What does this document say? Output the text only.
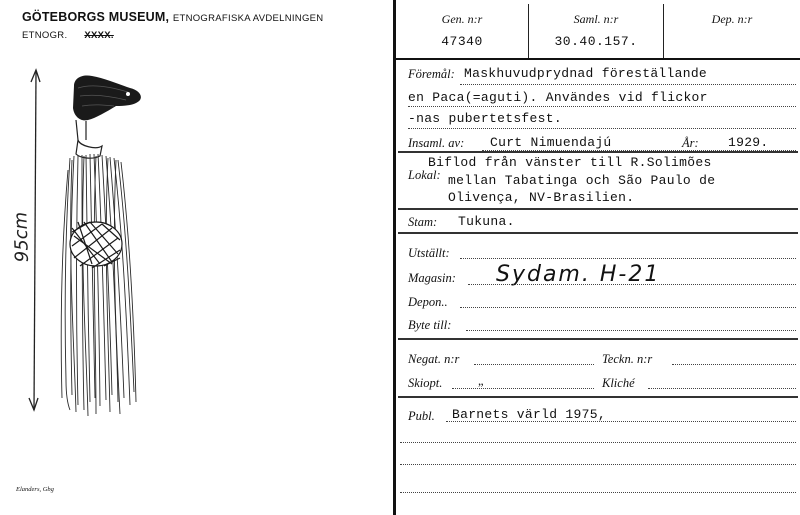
GÖTEBORGS MUSEUM, ETNOGRAFISKA AVDELNINGEN
ETNOGR. XXXX.
95cm
Elanders, Gbg
Gen. n:r
47340
Saml. n:r
30.40.157.
Dep. n:r
Föremål: Maskhuvudprydnad föreställande
en Paca(=aguti). Användes vid flickor
-nas pubertetsfest.
Insaml. av: Curt Nimuendajú	År: 1929.
Lokal:
Biflod från vänster till R.Solimões
mellan Tabatinga och São Paulo de
Olivença, NV-Brasilien.
Stam: Tukuna.
Utställt:
Magasin: Sydam. H-21
Depon..
Byte till:
Negat. n:r	Teckn. n:r
Skiopt.	„	Kliché
Publ. Barnets värld 1975,
